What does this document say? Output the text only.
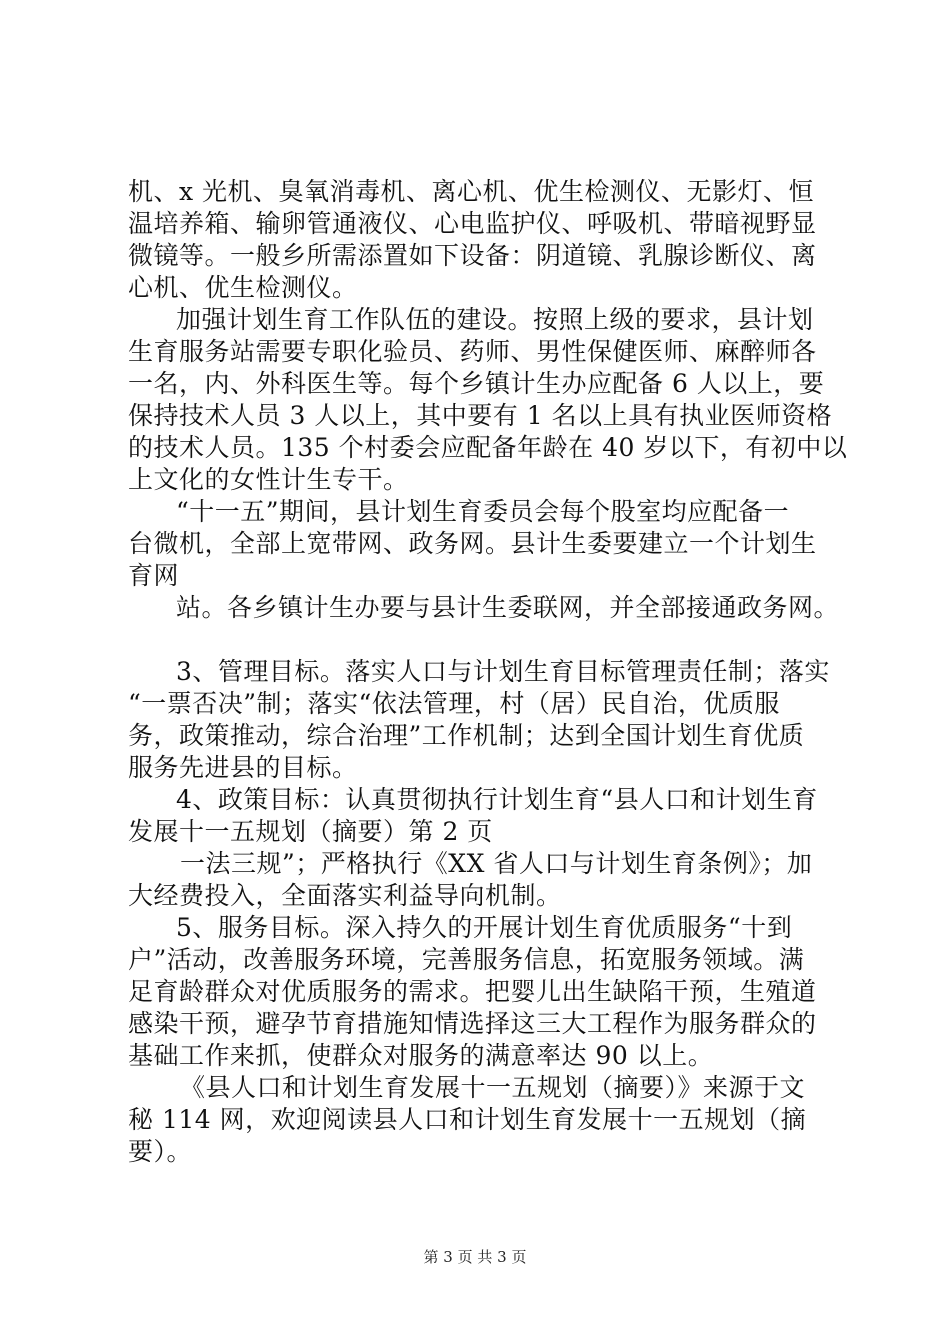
机、x 光机、臭氧消毒机、离心机、优生检测仪、无影灯、恒
温培养箱、输卵管通液仪、心电监护仪、呼吸机、带暗视野显
微镜等。一般乡所需添置如下设备：阴道镜、乳腺诊断仪、离
心机、优生检测仪。
加强计划生育工作队伍的建设。按照上级的要求，县计划
生育服务站需要专职化验员、药师、男性保健医师、麻醉师各
一名，内、外科医生等。每个乡镇计生办应配备 6 人以上，要
保持技术人员 3 人以上，其中要有 1 名以上具有执业医师资格
的技术人员。135 个村委会应配备年龄在 40 岁以下，有初中以
上文化的女性计生专干。
“十一五”期间，县计划生育委员会每个股室均应配备一
台微机，全部上宽带网、政务网。县计生委要建立一个计划生
育网
站。各乡镇计生办要与县计生委联网，并全部接通政务网。
3、管理目标。落实人口与计划生育目标管理责任制；落实
“一票否决”制；落实“依法管理，村（居）民自治，优质服
务，政策推动，综合治理”工作机制；达到全国计划生育优质
服务先进县的目标。
4、政策目标：认真贯彻执行计划生育“县人口和计划生育
发展十一五规划（摘要）第 2 页
一法三规”；严格执行《XX 省人口与计划生育条例》；加
大经费投入，全面落实利益导向机制。
5、服务目标。深入持久的开展计划生育优质服务“十到
户”活动，改善服务环境，完善服务信息，拓宽服务领域。满
足育龄群众对优质服务的需求。把婴儿出生缺陷干预，生殖道
感染干预，避孕节育措施知情选择这三大工程作为服务群众的
基础工作来抓，使群众对服务的满意率达 90 以上。
《县人口和计划生育发展十一五规划（摘要）》来源于文
秘 114 网，欢迎阅读县人口和计划生育发展十一五规划（摘
要）。
第 3 页 共 3 页
